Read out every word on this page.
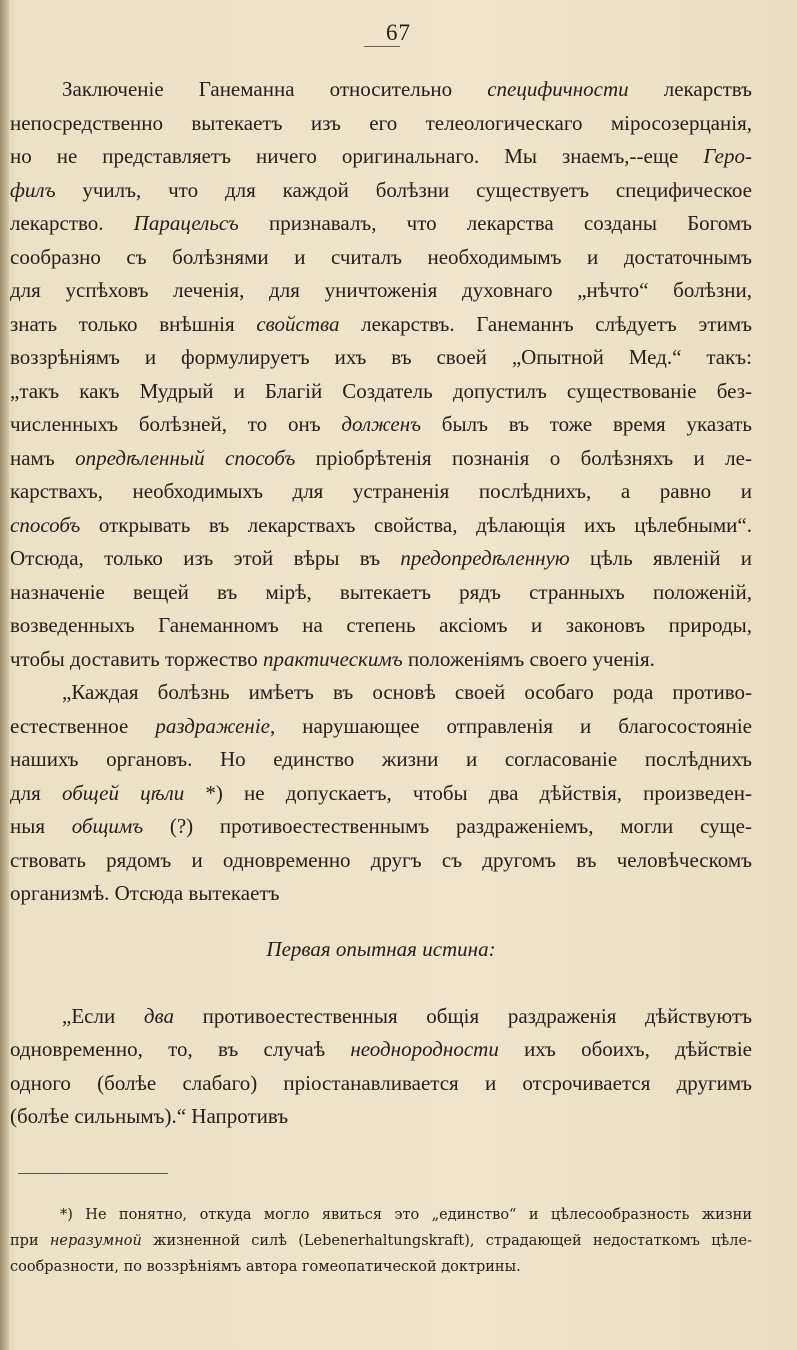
67
Заключеніе Ганеманна относительно специфичности лекарствъ
непосредственно вытекаетъ изъ его телеологическаго міросозерцанія,
но не представляетъ ничего оригинальнаго. Мы знаемъ,--еще Геро-
филъ училъ, что для каждой болѣзни существуетъ специфическое
лекарство. Парацельсъ признавалъ, что лекарства созданы Богомъ
сообразно съ болѣзнями и считалъ необходимымъ и достаточнымъ
для успѣховъ леченія, для уничтоженія духовнаго „нѣчто“ болѣзни,
знать только внѣшнія свойства лекарствъ. Ганеманнъ слѣдуетъ этимъ
воззрѣніямъ и формулируетъ ихъ въ своей „Опытной Мед.“ такъ:
„такъ какъ Мудрый и Благій Создатель допустилъ существованіе без-
численныхъ болѣзней, то онъ долженъ былъ въ тоже время указать
намъ опредѣленный способъ пріобрѣтенія познанія о болѣзняхъ и ле-
карствахъ, необходимыхъ для устраненія послѣднихъ, а равно и
способъ открывать въ лекарствахъ свойства, дѣлающія ихъ цѣлебными“.
Отсюда, только изъ этой вѣры въ предопредѣленную цѣль явленій и
назначеніе вещей въ мірѣ, вытекаетъ рядъ странныхъ положеній,
возведенныхъ Ганеманномъ на степень аксіомъ и законовъ природы,
чтобы доставить торжество практическимъ положеніямъ своего ученія.
„Каждая болѣзнь имѣетъ въ основѣ своей особаго рода противо-
естественное раздраженіе, нарушающее отправленія и благосостояніе
нашихъ органовъ. Но единство жизни и согласованіе послѣднихъ
для общей цѣли *) не допускаетъ, чтобы два дѣйствія, произведен-
ныя общимъ (?) противоестественнымъ раздраженіемъ, могли суще-
ствовать рядомъ и одновременно другъ съ другомъ въ человѣческомъ
организмѣ. Отсюда вытекаетъ
Первая опытная истина:
„Если два противоестественныя общія раздраженія дѣйствуютъ
одновременно, то, въ случаѣ неоднородности ихъ обоихъ, дѣйствіе
одного (болѣе слабаго) пріостанавливается и отсрочивается другимъ
(болѣе сильнымъ).“ Напротивъ
*) Не понятно, откуда могло явиться это „единство“ и цѣлесообразность жизни
при неразумной жизненной силѣ (Lebenerhaltungskraft), страдающей недостаткомъ цѣле-
сообразности, по воззрѣніямъ автора гомеопатической доктрины.
